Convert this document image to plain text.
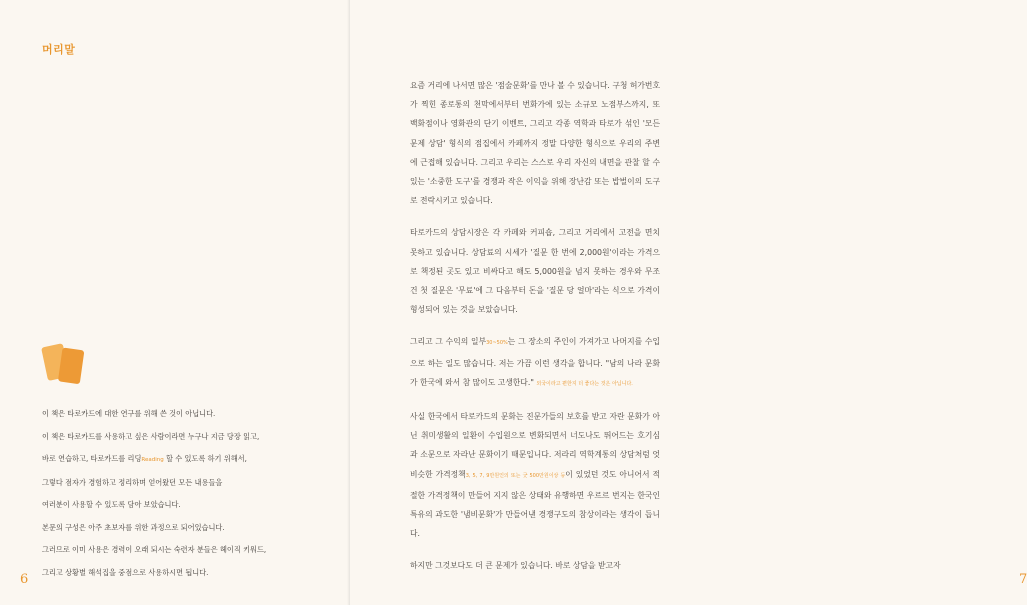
머리말

이 책은 타로카드에 대한 연구를 위해 쓴 것이 아닙니다.

이 책은 타로카드를 사용하고 싶은 사람이라면 누구나 지금 당장 읽고,

바로 연습하고, 타로카드를 리딩Reading 할 수 있도록 하기 위해서,

그렇다 점자가 경험하고 정리하며 얻어왔던 모든 내용들을

여러분이 사용할 수 있도록 담아 보았습니다.

본문의 구성은 아주 초보자를 위한 과정으로 되어있습니다.

그러므로 이미 사용은 경력이 오래 되시는 숙련자 분들은 헤이직 키워드,

그리고 상황별 해석집을 중점으로 사용하시면 됩니다.

6	7

요즘 거리에 나서면 많은 '점술문화'를 만나 볼 수 있습니다. 구청 허가번호가 찍힌 종로통의 천막에서부터 번화가에 있는 소규모 노점부스까지, 또 백화점이나 영화관의 단기 이벤트, 그리고 각종 역학과 타로가 섞인 '모든 문제 상담' 형식의 점집에서 카페까지 정말 다양한 형식으로 우리의 주변에 근접해 있습니다. 그리고 우리는 스스로 우리 자신의 내면을 관찰 할 수 있는 '소중한 도구'를 경쟁과 작은 이익을 위해 장난감 또는 밥벌이의 도구로 전락시키고 있습니다.

타로카드의 상담시장은 각 카페와 커피숍, 그리고 거리에서 고전을 면치 못하고 있습니다. 상담료의 시세가 '질문 한 번에 2,000원'이라는 가격으로 책정된 곳도 있고 비싸다고 해도 5,000원을 넘지 못하는 경우와 무조건 첫 질문은 '무료'에 그 다음부터 돈을 '질문 당 얼마'라는 식으로 가격이 형성되어 있는 것을 보았습니다.

그리고 그 수익의 일부30~50%는 그 장소의 주인이 가져가고 나머지를 수입으로 하는 일도 많습니다. 저는 가끔 이런 생각을 합니다. "남의 나라 문화가 한국에 와서 참 많이도 고생한다." 외국이라고 편한지 더 좋다는 것은 아닙니다.

사실 한국에서 타로카드의 문화는 진문가들의 보호를 받고 자란 문화가 아닌 취미생활의 일환이 수입원으로 변화되면서 너도나도 뛰어드는 호기심과 소문으로 자라난 문화이기 때문입니다. 저라리 역학계통의 상담처럼 엇비슷한 가격정책3, 5, 7, 9만원인의 또는 굿 500만원이상 등이 있었던 것도 아니어서 적절한 가격정책이 만들어 지지 않은 상태와 유행하면 우르르 번지는 한국인 특유의 과도한 '냄비문화'가 만들어낸 경쟁구도의 참상이라는 생각이 듭니다.

하지만 그것보다도 더 큰 문제가 있습니다. 바로 상담을 받고자
